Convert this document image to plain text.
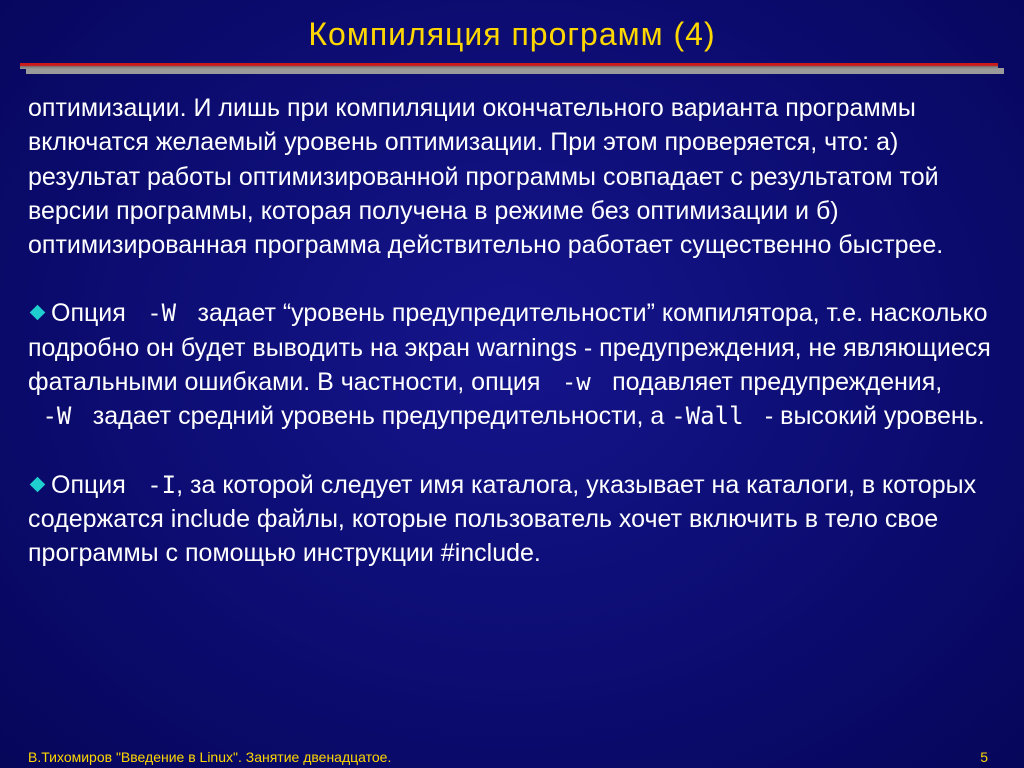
Компиляция программ (4)

оптимизации. И лишь при компиляции окончательного варианта программы включатся желаемый уровень оптимизации. При этом проверяется, что: а) результат работы оптимизированной программы совпадает с результатом той версии программы, которая получена в режиме без оптимизации и б) оптимизированная программа действительно работает существенно быстрее.

Опция  -W  задает “уровень предупредительности” компилятора, т.е. насколько подробно он будет выводить на экран warnings - предупреждения, не являющиеся фатальными ошибками. В частности, опция  -w  подавляет предупреждения,  -W  задает средний уровень предупредительности, а -Wall  - высокий уровень.

Опция  -I, за которой следует имя каталога, указывает на каталоги, в которых содержатся include файлы, которые пользователь хочет включить в тело свое программы с помощью инструкции #include.

В.Тихомиров "Введение в Linux". Занятие двенадцатое.	5
